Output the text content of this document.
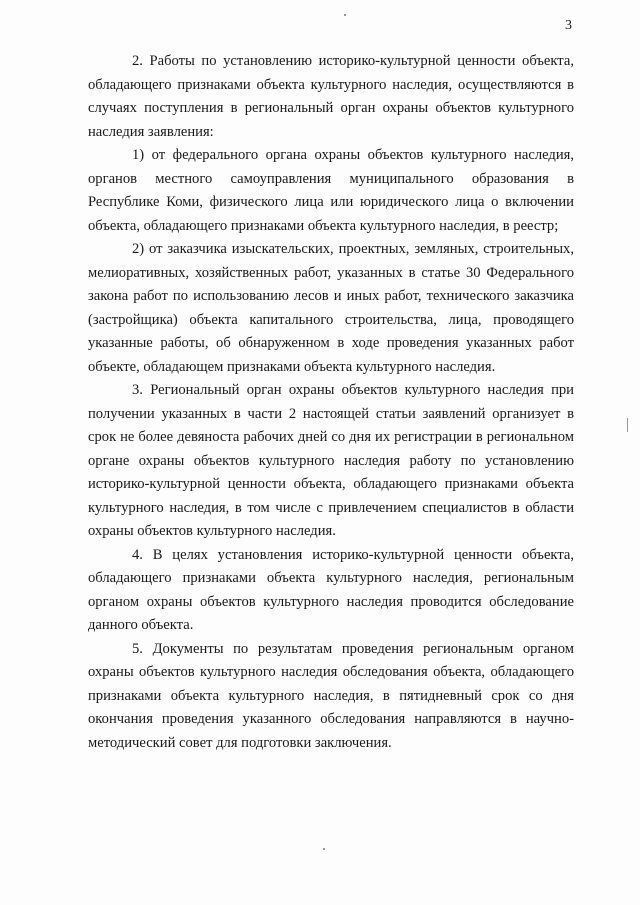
3

2. Работы по установлению историко-культурной ценности объекта, обладающего признаками объекта культурного наследия, осуществляются в случаях поступления в региональный орган охраны объектов культурного наследия заявления:

1) от федерального органа охраны объектов культурного наследия, органов местного самоуправления муниципального образования в Республике Коми, физического лица или юридического лица о включении объекта, обладающего признаками объекта культурного наследия, в реестр;

2) от заказчика изыскательских, проектных, земляных, строительных, мелиоративных, хозяйственных работ, указанных в статье 30 Федерального закона работ по использованию лесов и иных работ, технического заказчика (застройщика) объекта капитального строительства, лица, проводящего указанные работы, об обнаруженном в ходе проведения указанных работ объекте, обладающем признаками объекта культурного наследия.

3. Региональный орган охраны объектов культурного наследия при получении указанных в части 2 настоящей статьи заявлений организует в срок не более девяноста рабочих дней со дня их регистрации в региональном органе охраны объектов культурного наследия работу по установлению историко-культурной ценности объекта, обладающего признаками объекта культурного наследия, в том числе с привлечением специалистов в области охраны объектов культурного наследия.

4. В целях установления историко-культурной ценности объекта, обладающего признаками объекта культурного наследия, региональным органом охраны объектов культурного наследия проводится обследование данного объекта.

5. Документы по результатам проведения региональным органом охраны объектов культурного наследия обследования объекта, обладающего признаками объекта культурного наследия, в пятидневный срок со дня окончания проведения указанного обследования направляются в научно-методический совет для подготовки заключения.
